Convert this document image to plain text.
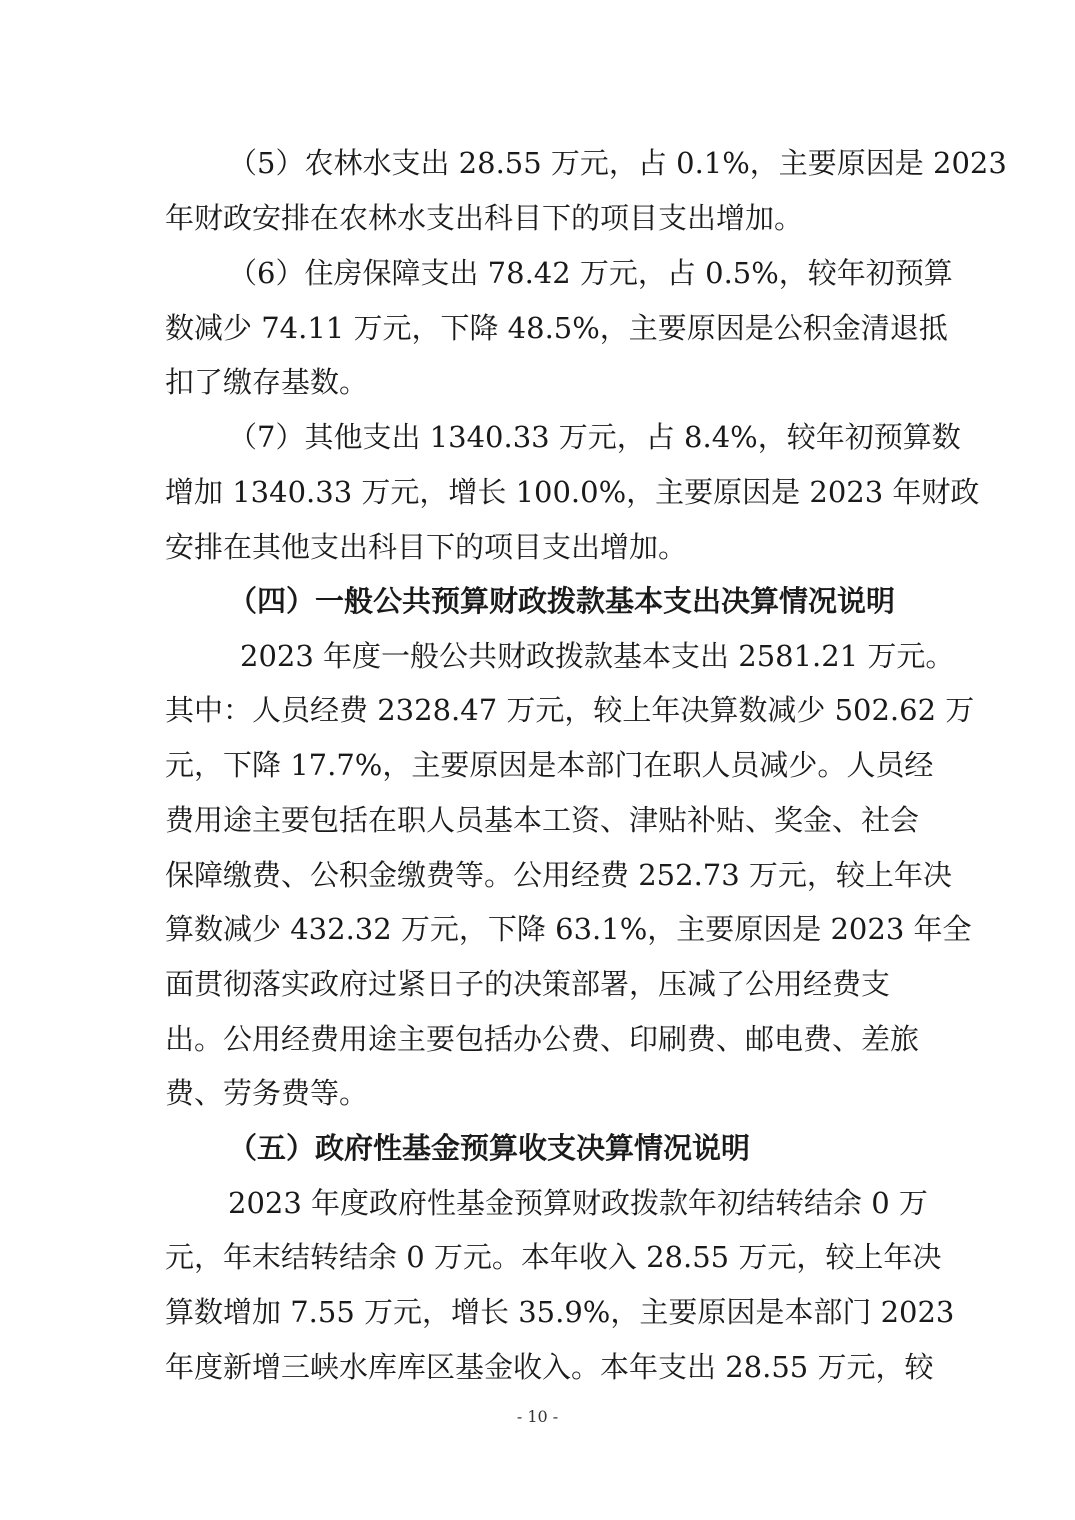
（5）农林水支出 28.55 万元，占 0.1%，主要原因是 2023
年财政安排在农林水支出科目下的项目支出增加。
（6）住房保障支出 78.42 万元，占 0.5%，较年初预算
数减少 74.11 万元，下降 48.5%，主要原因是公积金清退抵
扣了缴存基数。
（7）其他支出 1340.33 万元，占 8.4%，较年初预算数
增加 1340.33 万元，增长 100.0%，主要原因是 2023 年财政
安排在其他支出科目下的项目支出增加。
（四）一般公共预算财政拨款基本支出决算情况说明
2023 年度一般公共财政拨款基本支出 2581.21 万元。
其中：人员经费 2328.47 万元，较上年决算数减少 502.62 万
元，下降 17.7%，主要原因是本部门在职人员减少。人员经
费用途主要包括在职人员基本工资、津贴补贴、奖金、社会
保障缴费、公积金缴费等。公用经费 252.73 万元，较上年决
算数减少 432.32 万元，下降 63.1%，主要原因是 2023 年全
面贯彻落实政府过紧日子的决策部署，压减了公用经费支
出。公用经费用途主要包括办公费、印刷费、邮电费、差旅
费、劳务费等。
（五）政府性基金预算收支决算情况说明
2023 年度政府性基金预算财政拨款年初结转结余 0 万
元，年末结转结余 0 万元。本年收入 28.55 万元，较上年决
算数增加 7.55 万元，增长 35.9%，主要原因是本部门 2023
年度新增三峡水库库区基金收入。本年支出 28.55 万元，较
- 10 -
